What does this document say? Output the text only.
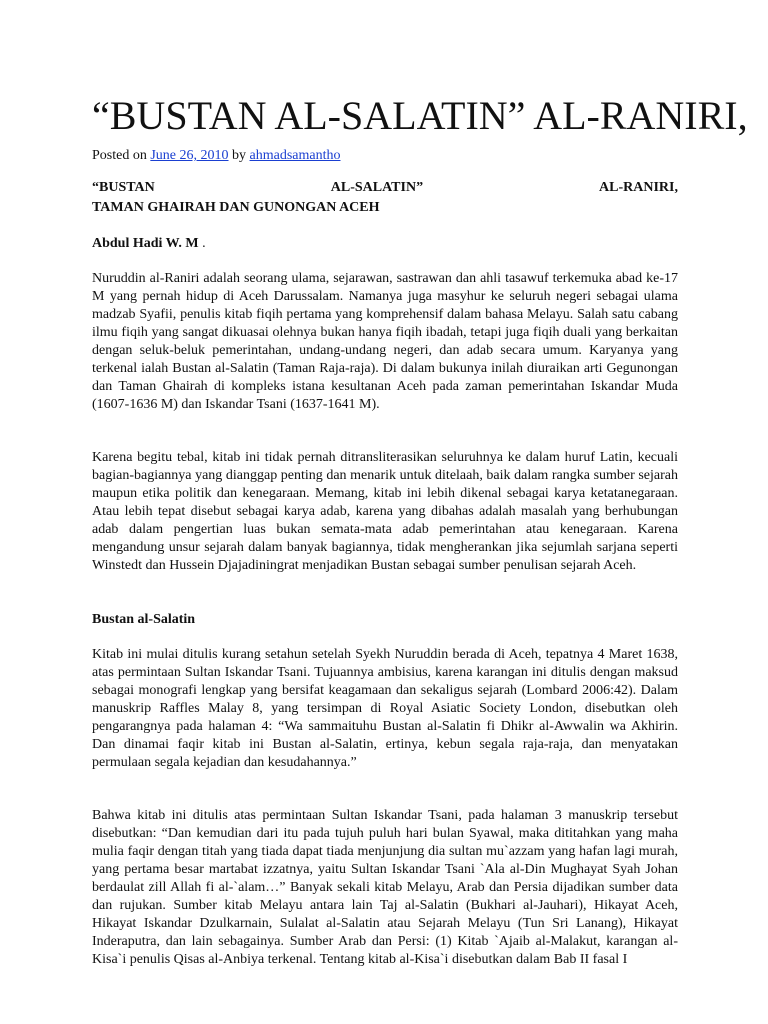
“BUSTAN AL-SALATIN” AL-RANIRI,
Posted on June 26, 2010 by ahmadsamantho
“BUSTAN	AL-SALATIN”	AL-RANIRI,
TAMAN GHAIRAH DAN GUNONGAN ACEH
Abdul Hadi W. M .

Nuruddin al-Raniri adalah seorang ulama, sejarawan, sastrawan dan ahli tasawuf terkemuka abad ke-17 M yang pernah hidup di Aceh Darussalam. Namanya juga masyhur ke seluruh negeri sebagai ulama madzab Syafii, penulis kitab fiqih pertama yang komprehensif dalam bahasa Melayu. Salah satu cabang ilmu fiqih yang sangat dikuasai olehnya bukan hanya fiqih ibadah, tetapi juga fiqih duali yang berkaitan dengan seluk-beluk pemerintahan, undang-undang negeri, dan adab secara umum. Karyanya yang terkenal ialah Bustan al-Salatin (Taman Raja-raja). Di dalam bukunya inilah diuraikan arti Gegunongan dan Taman Ghairah di kompleks istana kesultanan Aceh pada zaman pemerintahan Iskandar Muda (1607-1636 M) dan Iskandar Tsani (1637-1641 M).

Karena begitu tebal, kitab ini tidak pernah ditransliterasikan seluruhnya ke dalam huruf Latin, kecuali bagian-bagiannya yang dianggap penting dan menarik untuk ditelaah, baik dalam rangka sumber sejarah maupun etika politik dan kenegaraan. Memang, kitab ini lebih dikenal sebagai karya ketatanegaraan. Atau lebih tepat disebut sebagai karya adab, karena yang dibahas adalah masalah yang berhubungan adab dalam pengertian luas bukan semata-mata adab pemerintahan atau kenegaraan. Karena mengandung unsur sejarah dalam banyak bagiannya, tidak mengherankan jika sejumlah sarjana seperti Winstedt dan Hussein Djajadiningrat menjadikan Bustan sebagai sumber penulisan sejarah Aceh.

Bustan al-Salatin

Kitab ini mulai ditulis kurang setahun setelah Syekh Nuruddin berada di Aceh, tepatnya 4 Maret 1638, atas permintaan Sultan Iskandar Tsani. Tujuannya ambisius, karena karangan ini ditulis dengan maksud sebagai monografi lengkap yang bersifat keagamaan dan sekaligus sejarah (Lombard 2006:42). Dalam manuskrip Raffles Malay 8, yang tersimpan di Royal Asiatic Society London, disebutkan oleh pengarangnya pada halaman 4: “Wa sammaituhu Bustan al-Salatin fi Dhikr al-Awwalin wa Akhirin. Dan dinamai faqir kitab ini Bustan al-Salatin, ertinya, kebun segala raja-raja, dan menyatakan permulaan segala kejadian dan kesudahannya.”

Bahwa kitab ini ditulis atas permintaan Sultan Iskandar Tsani, pada halaman 3 manuskrip tersebut disebutkan: “Dan kemudian dari itu pada tujuh puluh hari bulan Syawal, maka dititahkan yang maha mulia faqir dengan titah yang tiada dapat tiada menjunjung dia sultan mu`azzam yang hafan lagi murah, yang pertama besar martabat izzatnya, yaitu Sultan Iskandar Tsani `Ala al-Din Mughayat Syah Johan berdaulat zill Allah fi al-`alam…” Banyak sekali kitab Melayu, Arab dan Persia dijadikan sumber data dan rujukan. Sumber kitab Melayu antara lain Taj al-Salatin (Bukhari al-Jauhari), Hikayat Aceh, Hikayat Iskandar Dzulkarnain, Sulalat al-Salatin atau Sejarah Melayu (Tun Sri Lanang), Hikayat Inderaputra, dan lain sebagainya. Sumber Arab dan Persi: (1) Kitab `Ajaib al-Malakut, karangan al-Kisa`i penulis Qisas al-Anbiya terkenal. Tentang kitab al-Kisa`i disebutkan dalam Bab II fasal I
